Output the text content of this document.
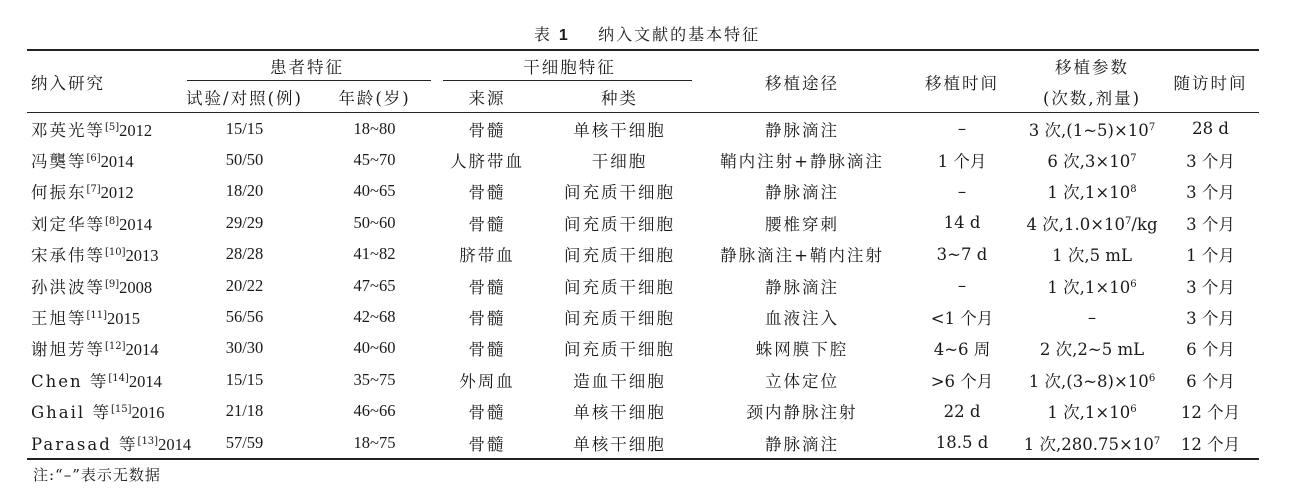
表 1 纳入文献的基本特征
纳入研究	患者特征		干细胞特征		移植途径	移植时间	移植参数	随访时间
	试验/对照(例)	年龄(岁)	来源	种类			(次数,剂量)	
邓英光等[5]2012	15/15	18~80	骨髓	单核干细胞	静脉滴注	–	3 次$,(1\sim 5)\times 10^7$	28 d
冯龑等[6]2014	50/50	45~70	人脐带血	干细胞	鞘内注射+静脉滴注	1 个月	6 次$,3\times 10^7$	3 个月
何振东[7]2012	18/20	40~65	骨髓	间充质干细胞	静脉滴注	–	1 次$,1\times 10^8$	3 个月
刘定华等[8]2014	29/29	50~60	骨髓	间充质干细胞	腰椎穿刺	14 d	4 次$,1.0\times 10^7/kg$	3 个月
宋承伟等[10]2013	28/28	41~82	脐带血	间充质干细胞	静脉滴注+鞘内注射	3~7 d	1 次,5 mL	1 个月
孙洪波等[9]2008	20/22	47~65	骨髓	间充质干细胞	静脉滴注	–	1 次$,1\times 10^6$	3 个月
王旭等[11]2015	56/56	42~68	骨髓	间充质干细胞	血液注入	<1 个月	–	3 个月
谢旭芳等[12]2014	30/30	40~60	骨髓	间充质干细胞	蛛网膜下腔	4~6 周	2 次,2~5 mL	6 个月
Chen 等[14]2014	15/15	35~75	外周血	造血干细胞	立体定位	>6 个月	1 次$,(3\sim 8)\times 10^6$	6 个月
Ghail 等[15]2016	21/18	46~66	骨髓	单核干细胞	颈内静脉注射	22 d	1 次$,1\times 10^6$	12 个月
Parasad 等[13]2014	57/59	18~75	骨髓	单核干细胞	静脉滴注	18.5 d	1 次$,280.75\times 10^7$	12 个月
注:“–”表示无数据
